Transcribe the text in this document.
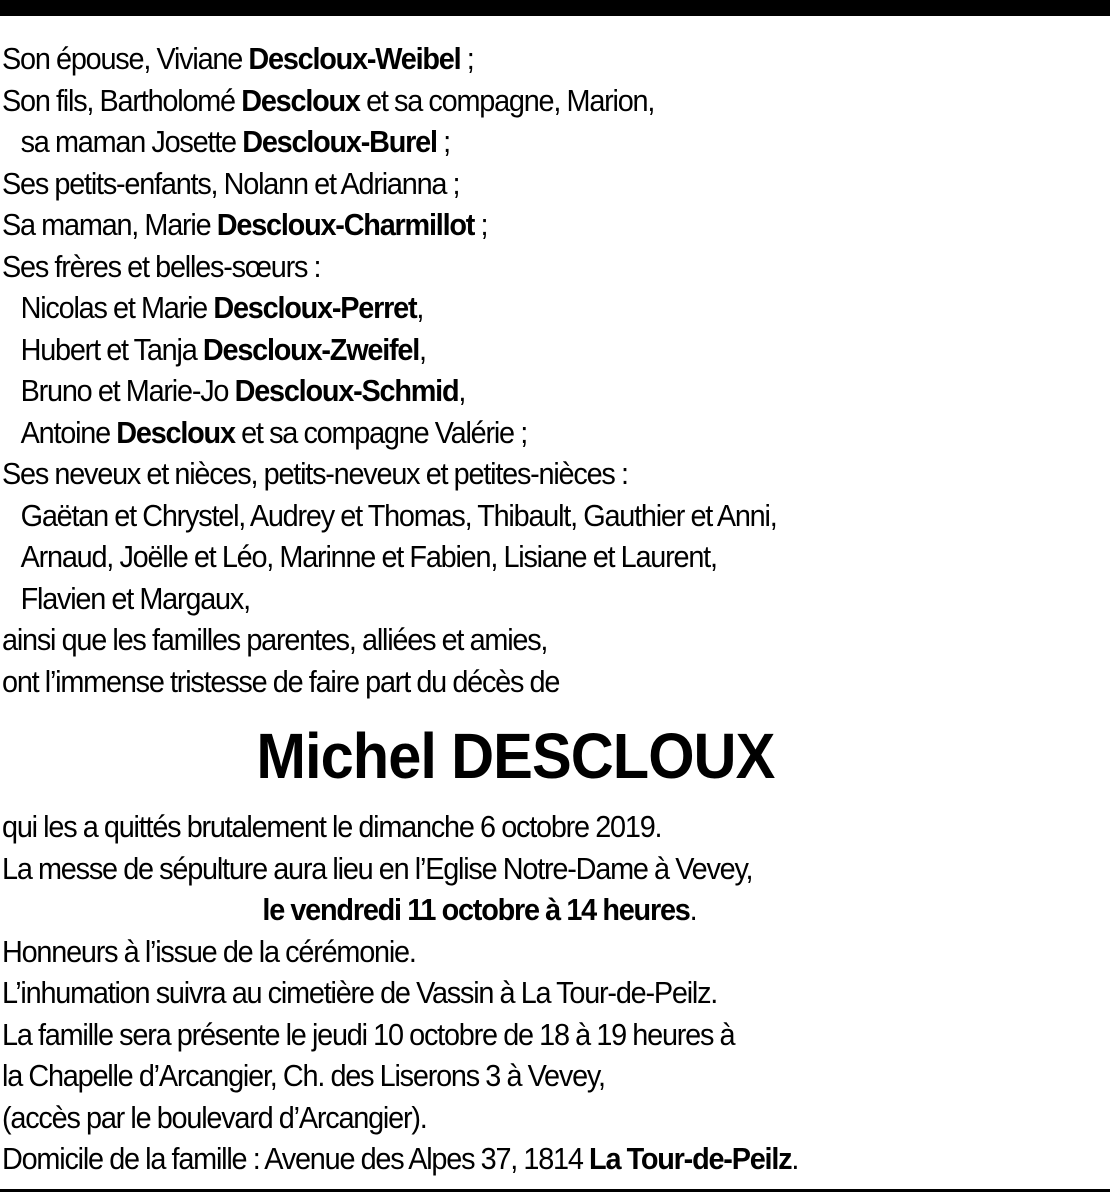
Son épouse, Viviane Descloux-Weibel ;
Son fils, Bartholomé Descloux et sa compagne, Marion,
sa maman Josette Descloux-Burel ;
Ses petits-enfants, Nolann et Adrianna ;
Sa maman, Marie Descloux-Charmillot ;
Ses frères et belles-sœurs :
Nicolas et Marie Descloux-Perret,
Hubert et Tanja Descloux-Zweifel,
Bruno et Marie-Jo Descloux-Schmid,
Antoine Descloux et sa compagne Valérie ;
Ses neveux et nièces, petits-neveux et petites-nièces :
Gaëtan et Chrystel, Audrey et Thomas, Thibault, Gauthier et Anni,
Arnaud, Joëlle et Léo, Marinne et Fabien, Lisiane et Laurent,
Flavien et Margaux,
ainsi que les familles parentes, alliées et amies,
ont l’immense tristesse de faire part du décès de
Michel DESCLOUX
qui les a quittés brutalement le dimanche 6 octobre 2019.
La messe de sépulture aura lieu en l’Eglise Notre-Dame à Vevey,
le vendredi 11 octobre à 14 heures.
Honneurs à l’issue de la cérémonie.
L’inhumation suivra au cimetière de Vassin à La Tour-de-Peilz.
La famille sera présente le jeudi 10 octobre de 18 à 19 heures à
la Chapelle d’Arcangier, Ch. des Liserons 3 à Vevey,
(accès par le boulevard d’Arcangier).
Domicile de la famille : Avenue des Alpes 37, 1814 La Tour-de-Peilz.
